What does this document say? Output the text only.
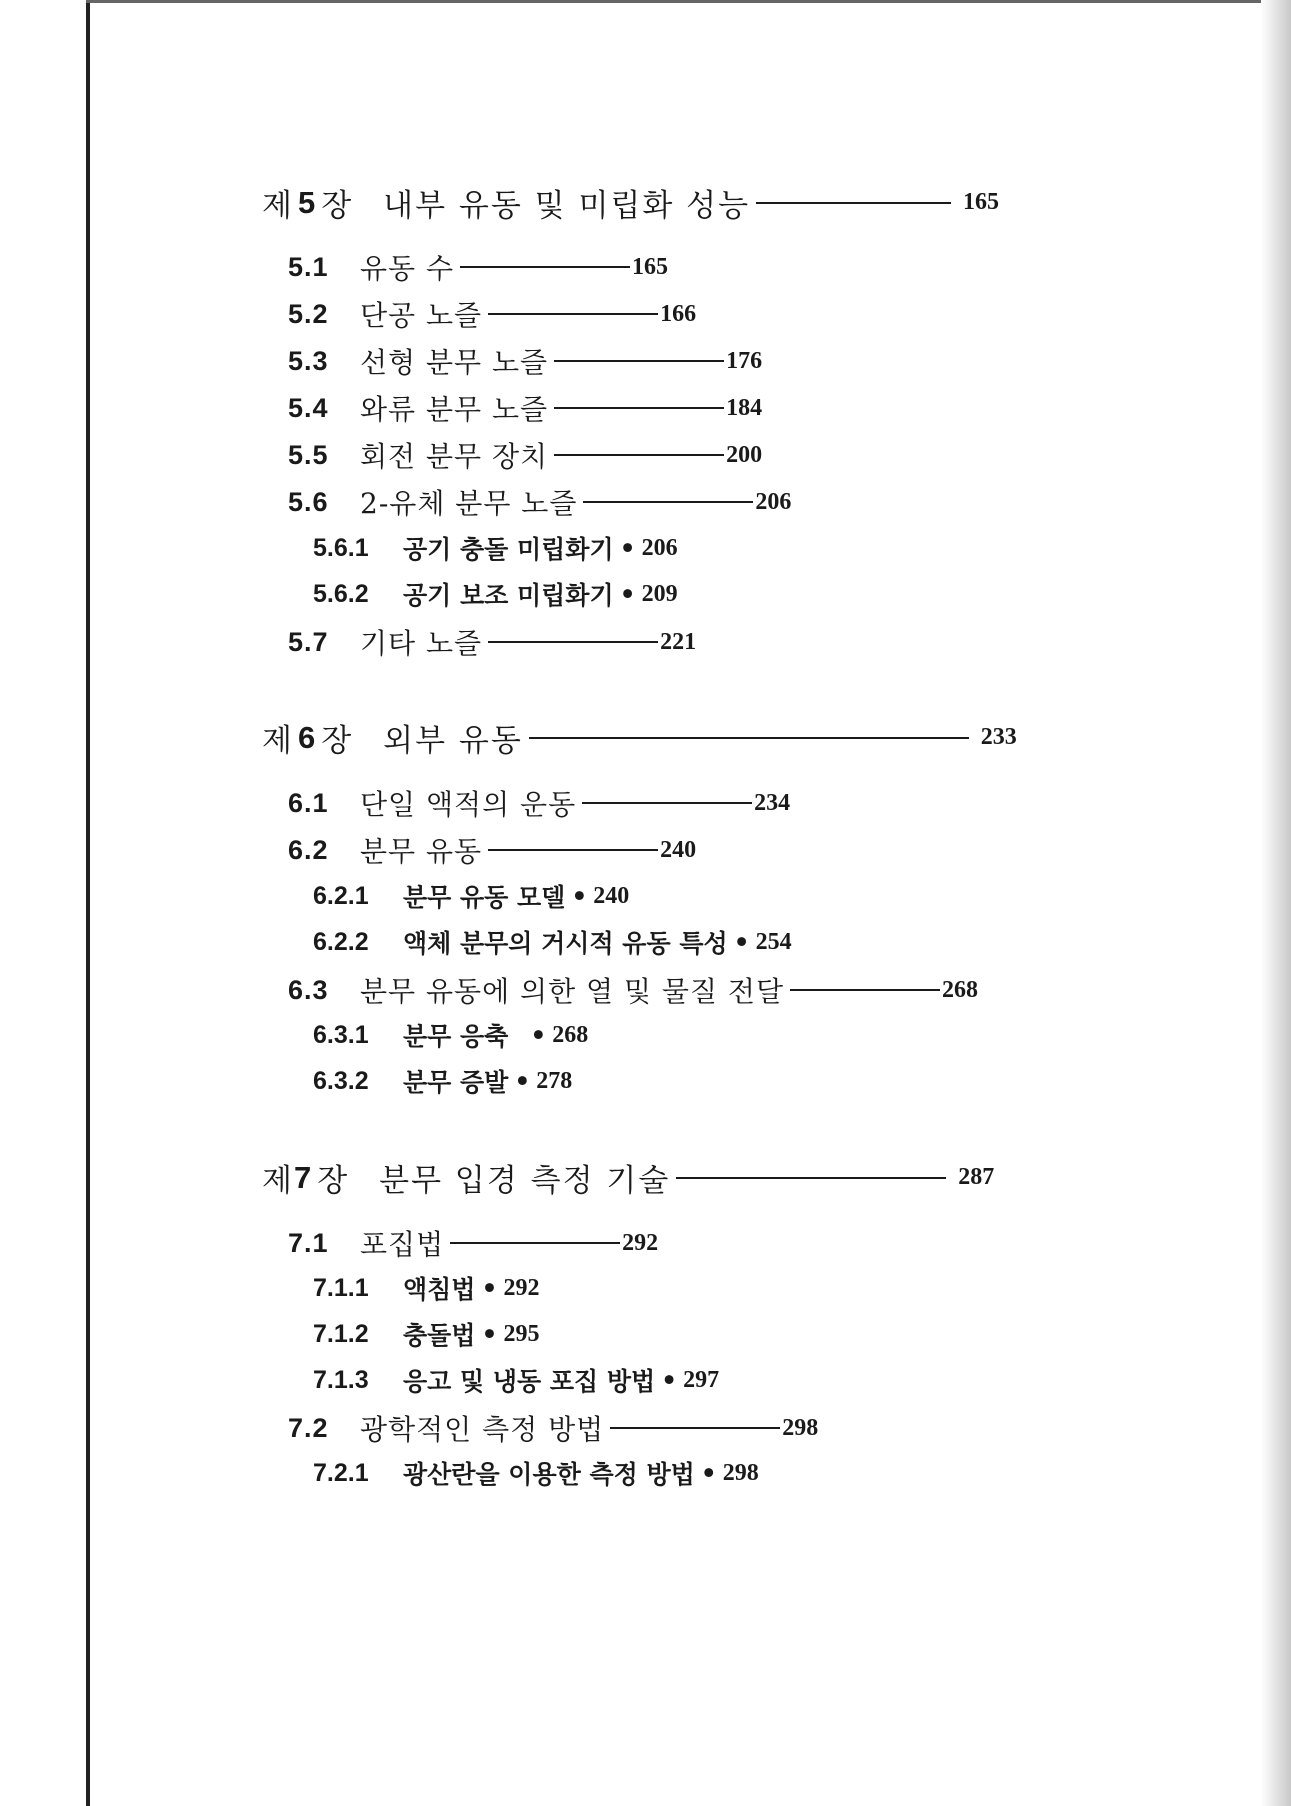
제 5 장 내부 유동 및 미립화 성능	165
5.1	유동 수	165
5.2	단공 노즐	166
5.3	선형 분무 노즐	176
5.4	와류 분무 노즐	184
5.5	회전 분무 장치	200
5.6	2-유체 분무 노즐	206
5.6.1	공기 충돌 미립화기 • 206
5.6.2	공기 보조 미립화기 • 209
5.7	기타 노즐	221
제 6 장 외부 유동	233
6.1	단일 액적의 운동	234
6.2	분무 유동	240
6.2.1	분무 유동 모델 • 240
6.2.2	액체 분무의 거시적 유동 특성 • 254
6.3	분무 유동에 의한 열 및 물질 전달	268
6.3.1	분무 응축 • 268
6.3.2	분무 증발 • 278
제 7 장 분무 입경 측정 기술	287
7.1	포집법	292
7.1.1	액침법 • 292
7.1.2	충돌법 • 295
7.1.3	응고 및 냉동 포집 방법 • 297
7.2	광학적인 측정 방법	298
7.2.1	광산란을 이용한 측정 방법 • 298
